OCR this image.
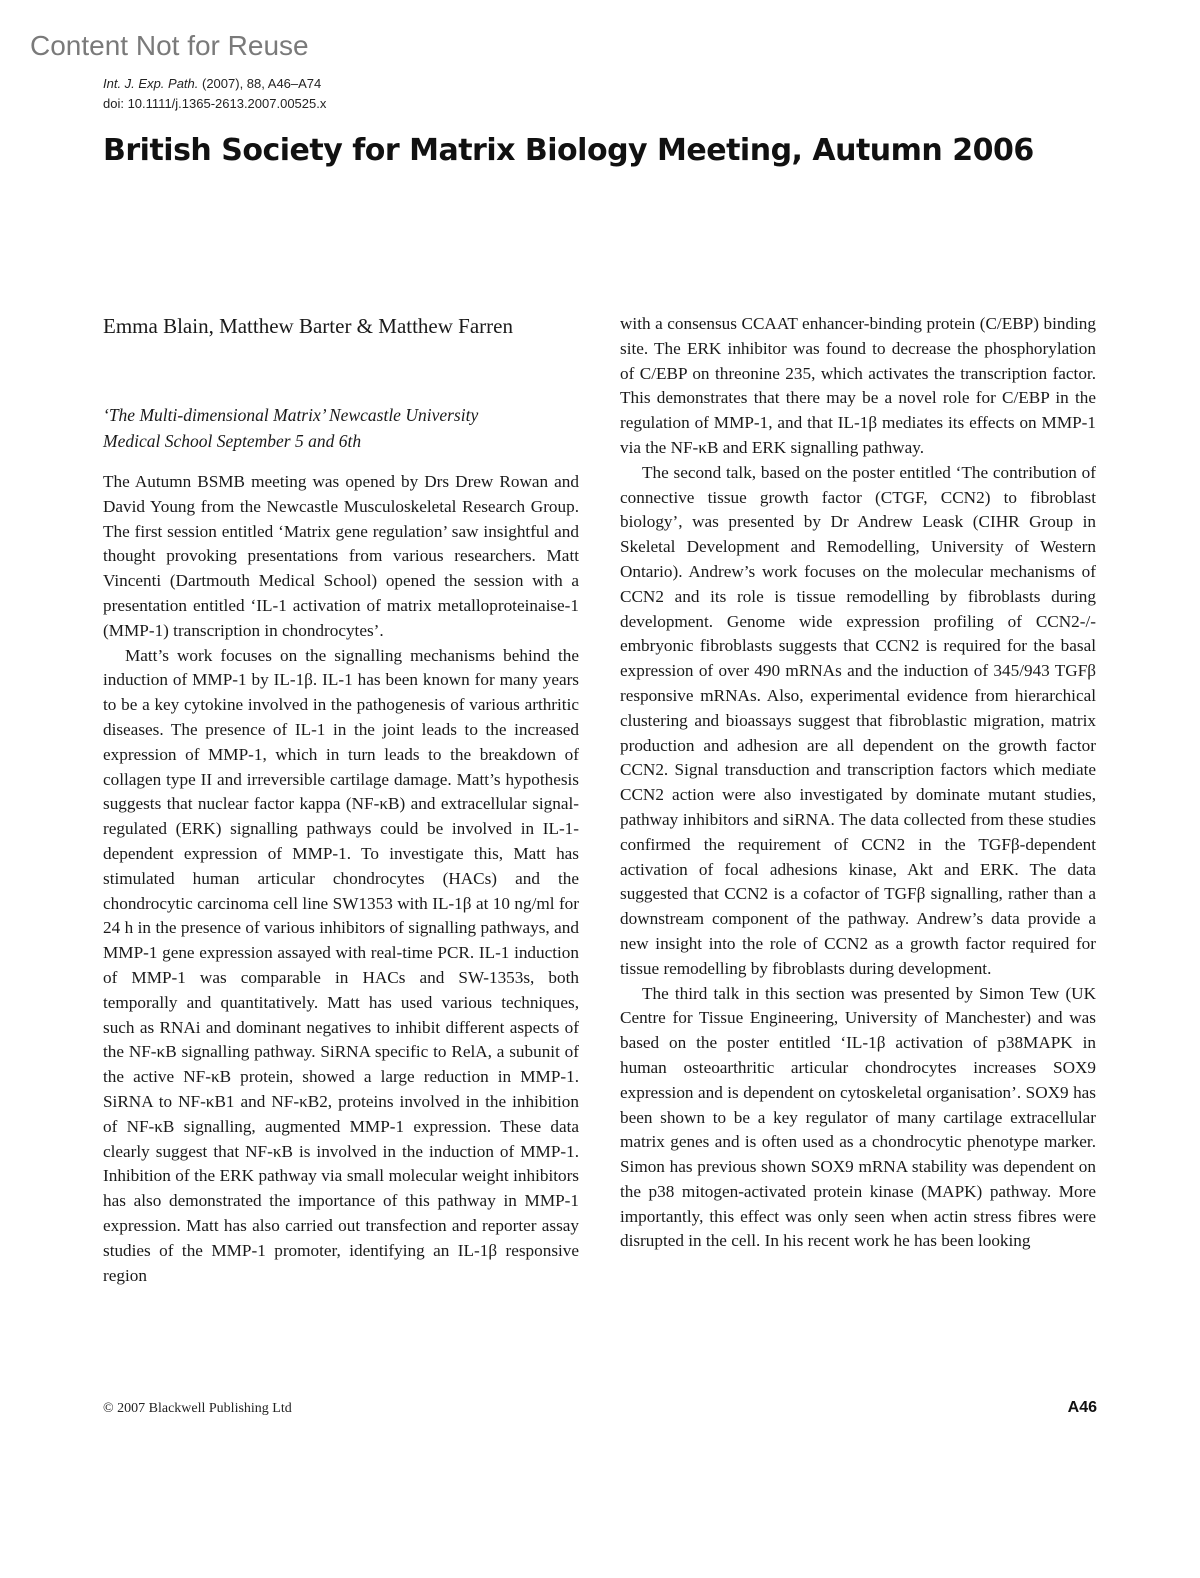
Content Not for Reuse
Int. J. Exp. Path. (2007), 88, A46–A74
doi: 10.1111/j.1365-2613.2007.00525.x
British Society for Matrix Biology Meeting, Autumn 2006
Emma Blain, Matthew Barter & Matthew Farren
‘The Multi-dimensional Matrix’ Newcastle University
Medical School September 5 and 6th

The Autumn BSMB meeting was opened by Drs Drew Rowan and David Young from the Newcastle Musculoskeletal Research Group. The first session entitled ‘Matrix gene regulation’ saw insightful and thought provoking presentations from various researchers. Matt Vincenti (Dartmouth Medical School) opened the session with a presentation entitled ‘IL-1 activation of matrix metalloproteinaise-1 (MMP-1) transcription in chondrocytes’.

Matt’s work focuses on the signalling mechanisms behind the induction of MMP-1 by IL-1β. IL-1 has been known for many years to be a key cytokine involved in the pathogenesis of various arthritic diseases. The presence of IL-1 in the joint leads to the increased expression of MMP-1, which in turn leads to the breakdown of collagen type II and irreversible cartilage damage. Matt’s hypothesis suggests that nuclear factor kappa (NF-κB) and extracellular signal-regulated (ERK) signalling pathways could be involved in IL-1-dependent expression of MMP-1. To investigate this, Matt has stimulated human articular chondrocytes (HACs) and the chondrocytic carcinoma cell line SW1353 with IL-1β at 10 ng/ml for 24 h in the presence of various inhibitors of signalling pathways, and MMP-1 gene expression assayed with real-time PCR. IL-1 induction of MMP-1 was comparable in HACs and SW-1353s, both temporally and quantitatively. Matt has used various techniques, such as RNAi and dominant negatives to inhibit different aspects of the NF-κB signalling pathway. SiRNA specific to RelA, a subunit of the active NF-κB protein, showed a large reduction in MMP-1. SiRNA to NF-κB1 and NF-κB2, proteins involved in the inhibition of NF-κB signalling, augmented MMP-1 expression. These data clearly suggest that NF-κB is involved in the induction of MMP-1. Inhibition of the ERK pathway via small molecular weight inhibitors has also demonstrated the importance of this pathway in MMP-1 expression. Matt has also carried out transfection and reporter assay studies of the MMP-1 promoter, identifying an IL-1β responsive region

with a consensus CCAAT enhancer-binding protein (C/EBP) binding site. The ERK inhibitor was found to decrease the phosphorylation of C/EBP on threonine 235, which activates the transcription factor. This demonstrates that there may be a novel role for C/EBP in the regulation of MMP-1, and that IL-1β mediates its effects on MMP-1 via the NF-κB and ERK signalling pathway.

The second talk, based on the poster entitled ‘The contribution of connective tissue growth factor (CTGF, CCN2) to fibroblast biology’, was presented by Dr Andrew Leask (CIHR Group in Skeletal Development and Remodelling, University of Western Ontario). Andrew’s work focuses on the molecular mechanisms of CCN2 and its role is tissue remodelling by fibroblasts during development. Genome wide expression profiling of CCN2-/- embryonic fibroblasts suggests that CCN2 is required for the basal expression of over 490 mRNAs and the induction of 345/943 TGFβ responsive mRNAs. Also, experimental evidence from hierarchical clustering and bioassays suggest that fibroblastic migration, matrix production and adhesion are all dependent on the growth factor CCN2. Signal transduction and transcription factors which mediate CCN2 action were also investigated by dominate mutant studies, pathway inhibitors and siRNA. The data collected from these studies confirmed the requirement of CCN2 in the TGFβ-dependent activation of focal adhesions kinase, Akt and ERK. The data suggested that CCN2 is a cofactor of TGFβ signalling, rather than a downstream component of the pathway. Andrew’s data provide a new insight into the role of CCN2 as a growth factor required for tissue remodelling by fibroblasts during development.

The third talk in this section was presented by Simon Tew (UK Centre for Tissue Engineering, University of Manchester) and was based on the poster entitled ‘IL-1β activation of p38MAPK in human osteoarthritic articular chondrocytes increases SOX9 expression and is dependent on cytoskeletal organisation’. SOX9 has been shown to be a key regulator of many cartilage extracellular matrix genes and is often used as a chondrocytic phenotype marker. Simon has previous shown SOX9 mRNA stability was dependent on the p38 mitogen-activated protein kinase (MAPK) pathway. More importantly, this effect was only seen when actin stress fibres were disrupted in the cell. In his recent work he has been looking

© 2007 Blackwell Publishing Ltd	A46
